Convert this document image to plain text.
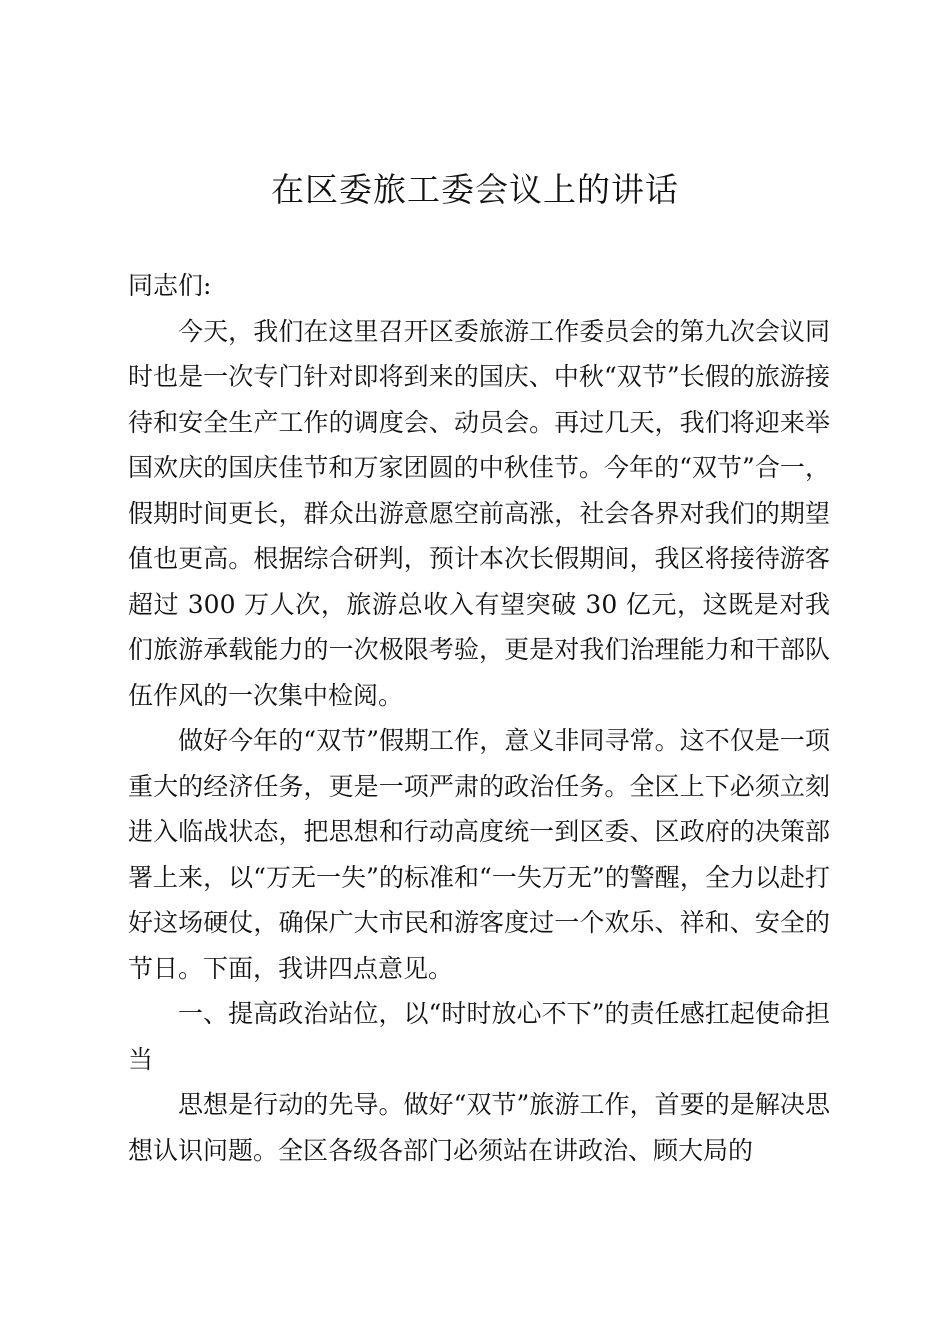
在区委旅工委会议上的讲话

同志们:

今天，我们在这里召开区委旅游工作委员会的第九次会议同时也是一次专门针对即将到来的国庆、中秋“双节”长假的旅游接待和安全生产工作的调度会、动员会。再过几天，我们将迎来举国欢庆的国庆佳节和万家团圆的中秋佳节。今年的“双节”合一，假期时间更长，群众出游意愿空前高涨，社会各界对我们的期望值也更高。根据综合研判，预计本次长假期间，我区将接待游客超过 300 万人次，旅游总收入有望突破 30 亿元，这既是对我们旅游承载能力的一次极限考验，更是对我们治理能力和干部队伍作风的一次集中检阅。

做好今年的“双节”假期工作，意义非同寻常。这不仅是一项重大的经济任务，更是一项严肃的政治任务。全区上下必须立刻进入临战状态，把思想和行动高度统一到区委、区政府的决策部署上来，以“万无一失”的标准和“一失万无”的警醒，全力以赴打好这场硬仗，确保广大市民和游客度过一个欢乐、祥和、安全的节日。下面，我讲四点意见。

一、提高政治站位，以“时时放心不下”的责任感扛起使命担当

思想是行动的先导。做好“双节”旅游工作，首要的是解决思想认识问题。全区各级各部门必须站在讲政治、顾大局的
